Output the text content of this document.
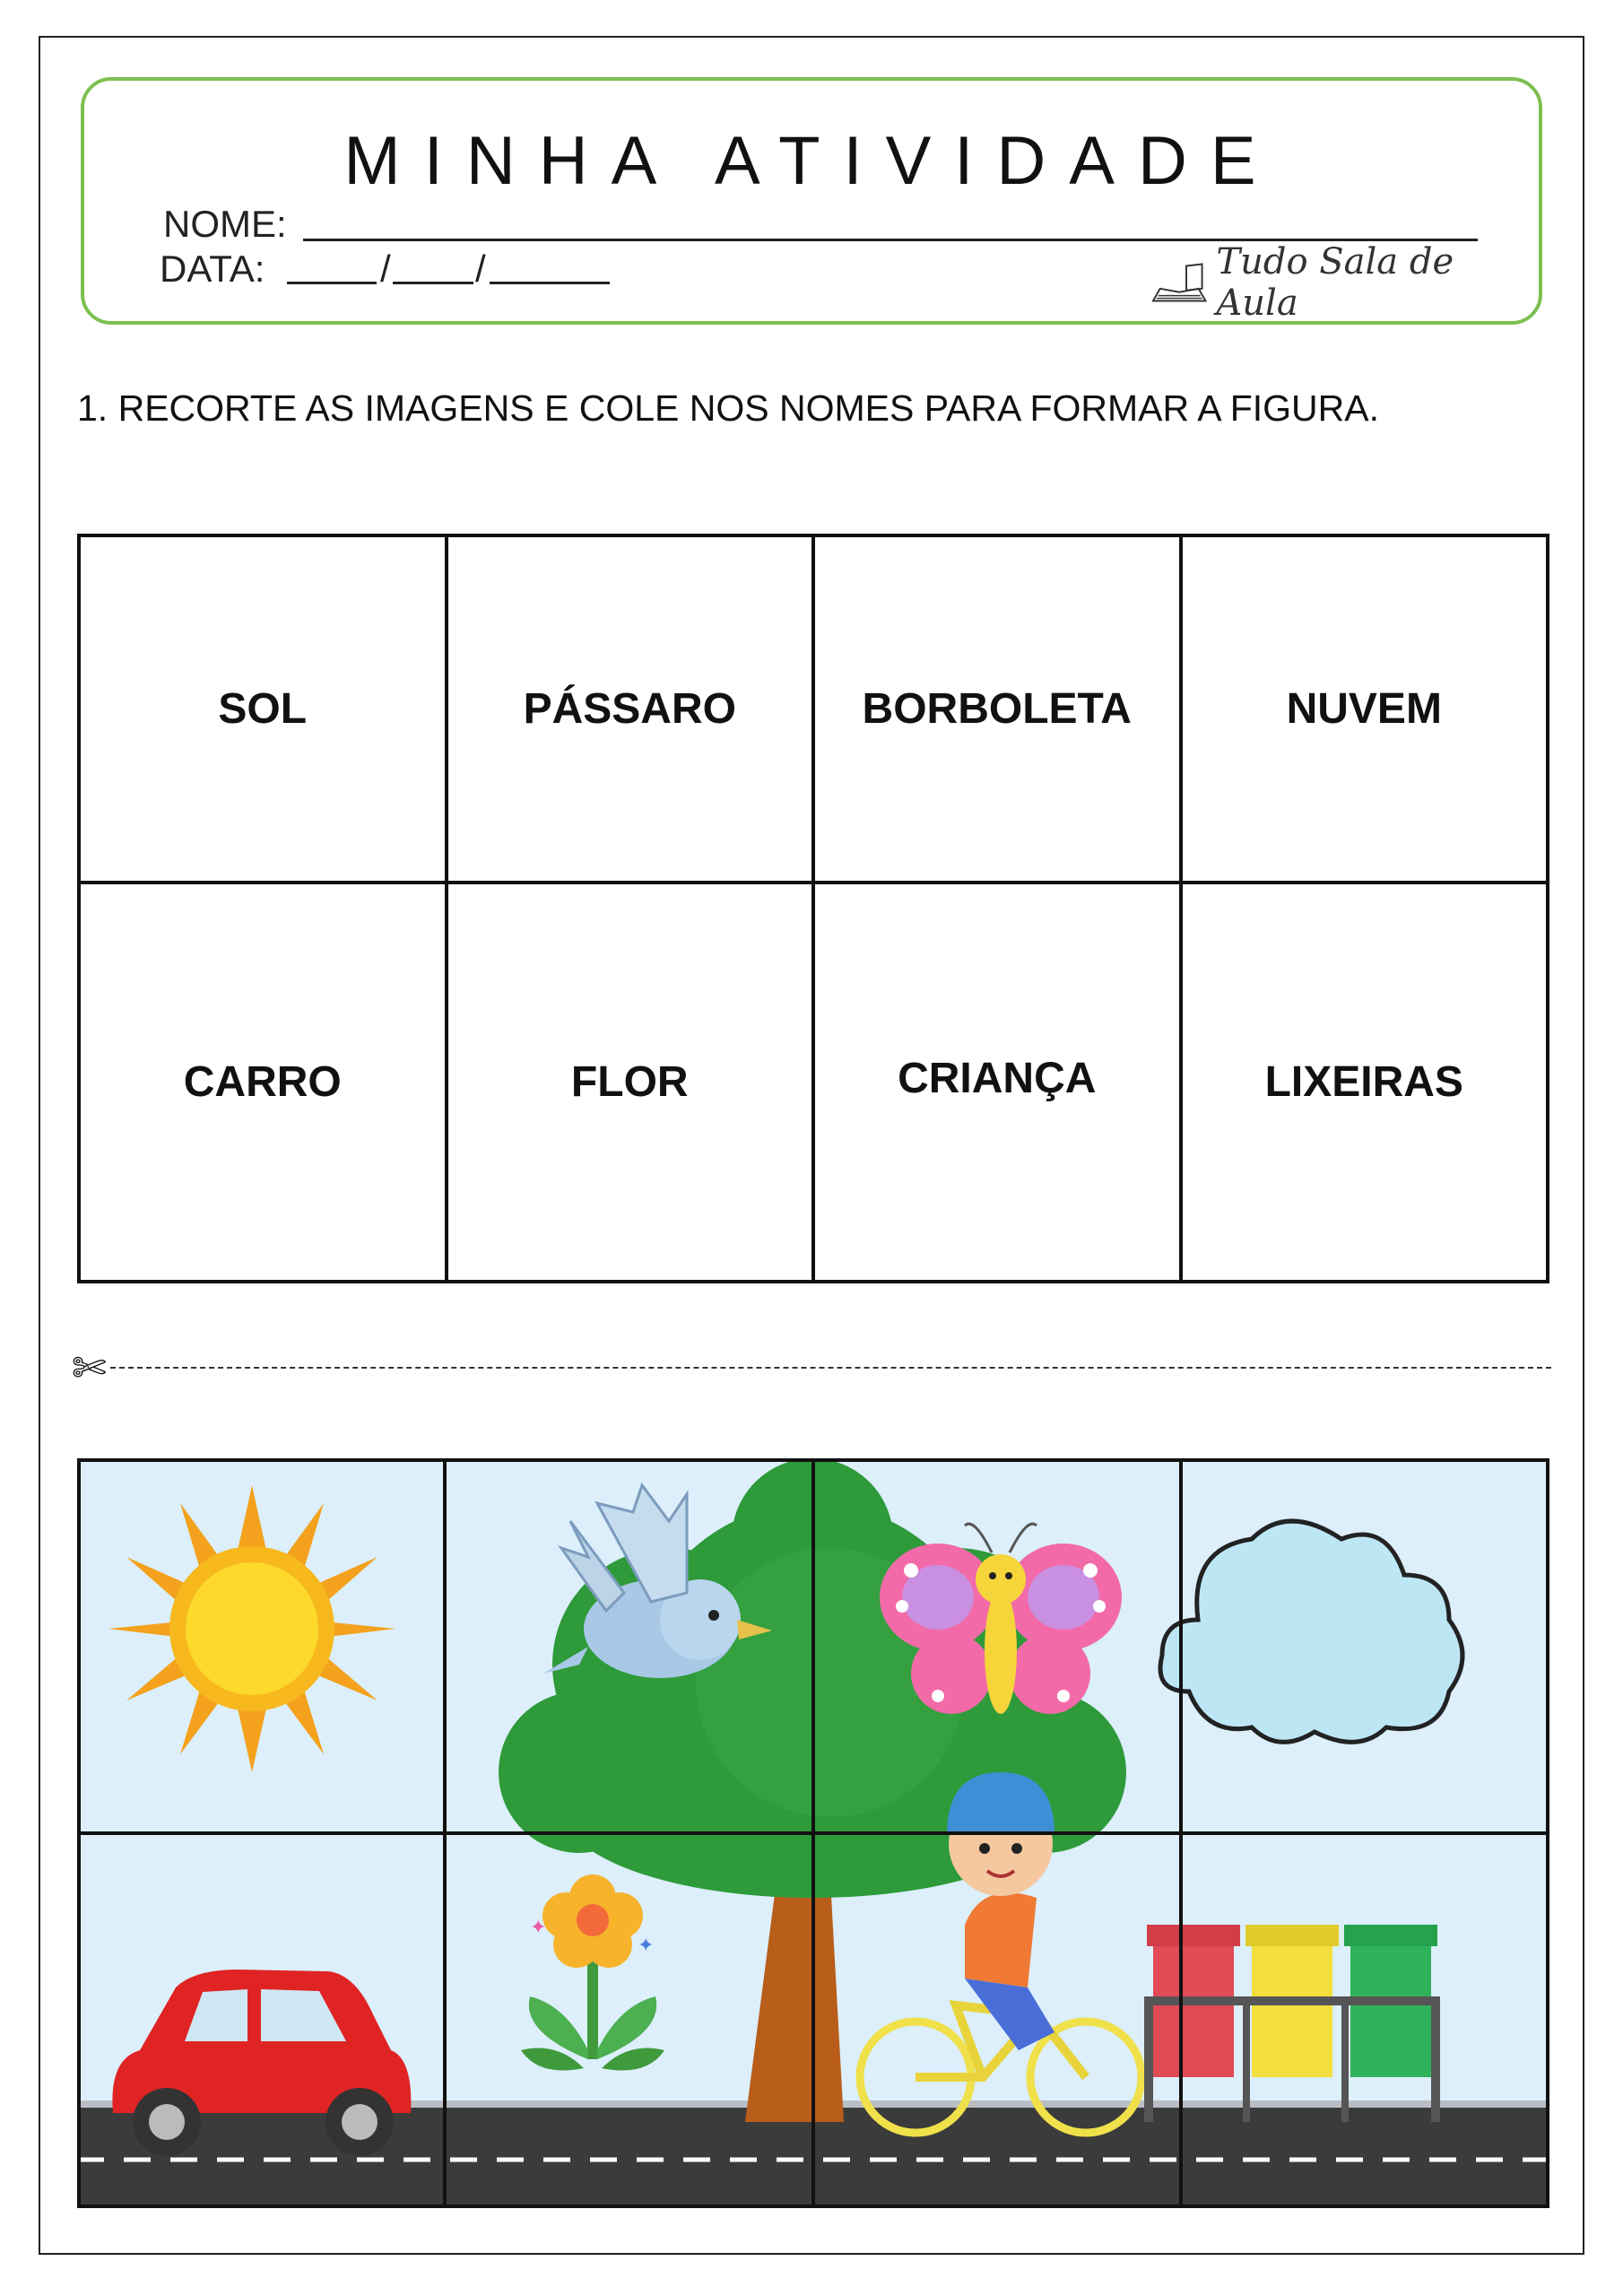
MINHA ATIVIDADE
NOME:
DATA:	/ /	Tudo Sala de Aula
1. RECORTE AS IMAGENS E COLE NOS NOMES PARA FORMAR A FIGURA.
SOL	PÁSSARO	BORBOLETA	NUVEM
CARRO	FLOR	CRIANÇA	LIXEIRAS
✄
✦
✦
